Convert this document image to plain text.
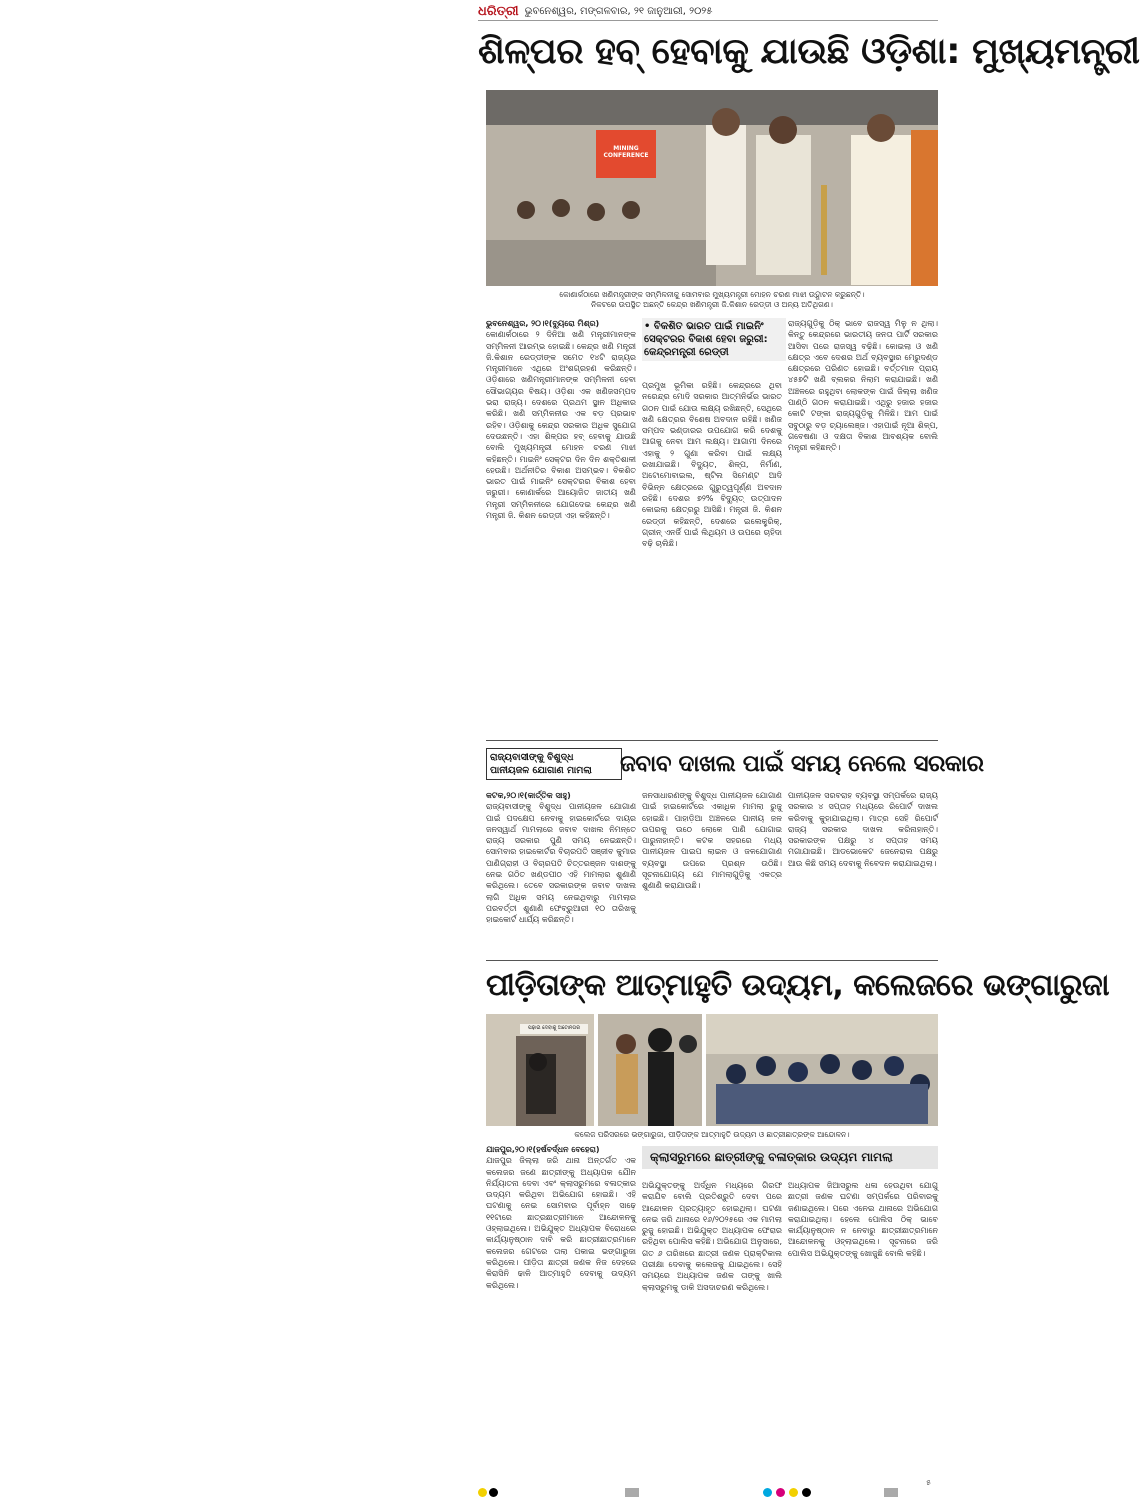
ଧରିତ୍ରୀ ଭୁବନେଶ୍ୱର, ମଙ୍ଗଳବାର, ୨୧ ଜାନୁଆରୀ, ୨୦୨୫
ଶିଳ୍ପର ହବ୍ ହେବାକୁ ଯାଉଛି ଓଡ଼ିଶା: ମୁଖ୍ୟମନ୍ତ୍ରୀ
MINING CONFERENCE
କୋଣାର୍କଠାରେ ଖଣିମନ୍ତ୍ରୀଙ୍କ ସମ୍ମିଳନୀକୁ ସୋମବାର ମୁଖ୍ୟମନ୍ତ୍ରୀ ମୋହନ ଚରଣ ମାଝୀ ଉଦ୍ଘାଟନ କରୁଛନ୍ତି।
ନିକଟରେ ଉପସ୍ଥିତ ଅଛନ୍ତି କେନ୍ଦ୍ର ଖଣିମନ୍ତ୍ରୀ ଜି.କିଶାନ ରେଡ୍ଡୀ ଓ ଅନ୍ୟ ଅତିଥିଗଣ।
ଭୁବନେଶ୍ୱର, ୨୦।୧(ବ୍ୟୁରୋ ମିଶ୍ର)
କୋଣାର୍କଠାରେ ୨ ଦିନିଆ ଖଣି ମନ୍ତ୍ରୀମାନଙ୍କ ସମ୍ମିଳନୀ ଆରମ୍ଭ ହୋଇଛି। କେନ୍ଦ୍ର ଖଣି ମନ୍ତ୍ରୀ ଜି.କିଶାନ ରେଡ୍ଡୀଙ୍କ ସମେତ ୧୪ଟି ରାଜ୍ୟର ମନ୍ତ୍ରୀମାନେ ଏଥିରେ ଅଂଶଗ୍ରହଣ କରିଛନ୍ତି। ଓଡ଼ିଶାରେ ଖଣିମନ୍ତ୍ରୀମାନଙ୍କ ସମ୍ମିଳନୀ ହେବା ସୌଭାଗ୍ୟର ବିଷୟ। ଓଡ଼ିଶା ଏକ ଖଣିଜସମ୍ପଦ ଭରା ରାଜ୍ୟ। ଦେଶରେ ପ୍ରଥମ ସ୍ଥାନ ଅଧିକାର କରିଛି। ଖଣି ସମ୍ମିଳନୀର ଏକ ବଡ଼ ପ୍ରଭାବ ରହିବ। ଓଡ଼ିଶାକୁ କେନ୍ଦ୍ର ସରକାର ଅଧିକ ସୁଯୋଗ ଦେଉଛନ୍ତି। ଏହା ଶିଳ୍ପର ହବ୍ ହେବାକୁ ଯାଉଛି ବୋଲି ମୁଖ୍ୟମନ୍ତ୍ରୀ ମୋହନ ଚରଣ ମାଝୀ କହିଛନ୍ତି। ମାଇନିଂ ସେକ୍ଟର ଦିନ ଦିନ ଶକ୍ତିଶାଳୀ ହେଉଛି। ଅର୍ଥନୀତିର ବିକାଶ ଅସମ୍ଭବ। ବିକଶିତ ଭାରତ ପାଇଁ ମାଇନିଂ ସେକ୍ଟରର ବିକାଶ ହେବା ଜରୁରୀ। କୋଣାର୍କରେ ଆୟୋଜିତ ଜାତୀୟ ଖଣି ମନ୍ତ୍ରୀ ସମ୍ମିଳନୀରେ ଯୋଗଦେଇ କେନ୍ଦ୍ର ଖଣି ମନ୍ତ୍ରୀ ଜି. କିଶନ ରେଡ୍ଡୀ ଏହା କହିଛନ୍ତି।
• ବିକଶିତ ଭାରତ ପାଇଁ ମାଇନିଂ ସେକ୍ଟରର ବିକାଶ ହେବା ଜରୁରୀ: କେନ୍ଦ୍ରମନ୍ତ୍ରୀ ରେଡ୍ଡୀ
ପ୍ରମୁଖ ଭୂମିକା ରହିଛି। କେନ୍ଦ୍ରରେ ଥିବା ନରେନ୍ଦ୍ର ମୋଦି ସରକାର ଆତ୍ମନିର୍ଭର ଭାରତ ଗଠନ ପାଇଁ ଯୋଉ ଲକ୍ଷ୍ୟ ରଖିଛନ୍ତି, ସେଥିରେ ଖଣି କ୍ଷେତ୍ରର ବିଶେଷ ଅବଦାନ ରହିଛି। ଖଣିଜ ସମ୍ପଦ ଭଣ୍ଡାରର ଉପଯୋଗ କରି ଦେଶକୁ ଆଗକୁ ନେବା ଆମ ଲକ୍ଷ୍ୟ। ଆଗାମୀ ଦିନରେ ଏହାକୁ ୨ ଗୁଣା କରିବା ପାଇଁ ଲକ୍ଷ୍ୟ ରଖାଯାଇଛି। ବିଦ୍ୟୁତ, ଶିଳ୍ପ, ନିର୍ମାଣ, ଅଟୋମୋବାଇଲ, ଷ୍ଟିଲ ସିମେଣ୍ଟ ଆଦି ବିଭିନ୍ନ କ୍ଷେତ୍ରରେ ଗୁରୁତ୍ୱପୂର୍ଣ୍ଣ ଅବଦାନ ରହିଛି। ଦେଶର ୭୨% ବିଦ୍ୟୁତ୍ ଉତ୍ପାଦନ କୋଇଲା କ୍ଷେତ୍ରରୁ ଆସିଛି। ମନ୍ତ୍ରୀ ଜି. କିଶନ ରେଡ୍ଡୀ କହିଛନ୍ତି, ଦେଶରେ ଇଲେକ୍ଟ୍ରିକ୍, ଗ୍ରୀନ୍ ଏନର୍ଜି ପାଇଁ ଲିଥିୟମ ଓ ଉପରେ ଚାହିଦା ବଢ଼ି ଚାଲିଛି।
ରାଜ୍ୟଗୁଡ଼ିକୁ ଠିକ୍ ଭାବେ ରାଜସ୍ୱ ମିଳୁ ନ ଥିଲା। କିନ୍ତୁ କେନ୍ଦ୍ରରେ ଭାରତୀୟ ଜନତା ପାର୍ଟି ସରକାର ଆସିବା ପରେ ରାଜସ୍ୱ ବଢ଼ିଛି। କୋଇଲା ଓ ଖଣି କ୍ଷେତ୍ର ଏବେ ଦେଶର ଅର୍ଥ ବ୍ୟବସ୍ଥାର ମେରୁଦଣ୍ଡ କ୍ଷେତ୍ରରେ ପରିଣତ ହୋଇଛି। ବର୍ତ୍ତମାନ ପ୍ରାୟ ୪୫୭ଟି ଖଣି ବ୍ଲକର ନିଲାମ କରାଯାଇଛି। ଖଣି ଅଞ୍ଚଳରେ ରହୁଥିବା ଲୋକଙ୍କ ପାଇଁ ଜିଲ୍ଲା ଖଣିଜ ପାଣ୍ଠି ଗଠନ କରାଯାଇଛି। ଏଥିରୁ ହଜାର ହଜାର କୋଟି ଟଙ୍କା ରାଜ୍ୟଗୁଡ଼ିକୁ ମିଳିଛି। ଆମ ପାଇଁ ସବୁଠାରୁ ବଡ଼ ଚ୍ୟାଲେଞ୍ଜ। ଏହାପାଇଁ ନୂଆ ଶିଳ୍ପ, ଗବେଷଣା ଓ ଦକ୍ଷତା ବିକାଶ ଆବଶ୍ୟକ ବୋଲି ମନ୍ତ୍ରୀ କହିଛନ୍ତି।
ରାଜ୍ୟବାସୀଙ୍କୁ ବିଶୁଦ୍ଧ
ପାନୀୟଜଳ ଯୋଗାଣ ମାମଲା	ଜବାବ ଦାଖଲ ପାଇଁ ସମୟ ନେଲେ ସରକାର
କଟକ,୨୦।୧(କାର୍ତ୍ତିକ ସାହୁ)
ରାଜ୍ୟବାସୀଙ୍କୁ ବିଶୁଦ୍ଧ ପାନୀୟଜଳ ଯୋଗାଣ ପାଇଁ ପଦକ୍ଷେପ ନେବାକୁ ହାଇକୋର୍ଟରେ ଦାୟର ଜନସ୍ୱାର୍ଥ ମାମଲାରେ ଜବାବ ଦାଖଲ ନିମନ୍ତେ ରାଜ୍ୟ ସରକାର ପୁଣି ସମୟ ନେଇଛନ୍ତି। ସୋମବାର ହାଇକୋର୍ଟର ବିଚାରପତି ସଞ୍ଜୀବ କୁମାର ପାଣିଗ୍ରାହୀ ଓ ବିଚାରପତି ଚିତ୍ତରଞ୍ଜନ ଦାଶଙ୍କୁ ନେଇ ଗଠିତ ଖଣ୍ଡପୀଠ ଏହି ମାମଲାର ଶୁଣାଣି କରିଥିଲେ। ତେବେ ସରକାରଙ୍କ ଜବାବ ଦାଖଲ ଲାଗି ଅଧିକ ସମୟ ନେଇଥିବାରୁ ମାମଲାର ପରବର୍ତ୍ତୀ ଶୁଣାଣି ଫେବ୍ରୁଆରୀ ୧୦ ତାରିଖକୁ ହାଇକୋର୍ଟ ଧାର୍ଯ୍ୟ କରିଛନ୍ତି।
ଜନସାଧାରଣଙ୍କୁ ବିଶୁଦ୍ଧ ପାନୀୟଜଳ ଯୋଗାଣ ପାଇଁ ହାଇକୋର୍ଟରେ ଏକାଧିକ ମାମଲା ରୁଜୁ ହୋଇଛି। ପାହାଡ଼ିଆ ଅଞ୍ଚଳରେ ପାନୀୟ ଜଳ ଉପରକୁ ଉଠେ ଲୋକେ ପାଣି ଯୋଗାଇ ପାରୁନାହାନ୍ତି। କଟକ ସହରରେ ମଧ୍ୟ ପାନୀୟଜଳ ପାଇପ ଲାଇନ ଓ ଜଳଯୋଗାଣ ବ୍ୟବସ୍ଥା ଉପରେ ପ୍ରଶ୍ନ ଉଠିଛି। ସୂଚନାଯୋଗ୍ୟ ଯେ ମାମଲାଗୁଡ଼ିକୁ ଏକତ୍ର ଶୁଣାଣି କରାଯାଉଛି।
ପାନୀୟଜଳ ସରବରାହ ବ୍ୟବସ୍ଥା ସମ୍ପର୍କରେ ରାଜ୍ୟ ସରକାର ୪ ସପ୍ତାହ ମଧ୍ୟରେ ରିପୋର୍ଟ ଦାଖଲ କରିବାକୁ କୁହାଯାଇଥିଲା। ମାତ୍ର ସେହି ରିପୋର୍ଟ ରାଜ୍ୟ ସରକାର ଦାଖଲ କରିନାହାନ୍ତି। ସରକାରଙ୍କ ପକ୍ଷରୁ ୪ ସପ୍ତାହ ସମୟ ମଗାଯାଇଛି। ଆଡଭୋକେଟ ଜେନେରାଲ ପକ୍ଷରୁ ଆଉ କିଛି ସମୟ ଦେବାକୁ ନିବେଦନ କରାଯାଇଥିଲା।
ପୀଡ଼ିତାଙ୍କ ଆତ୍ମାହୁତି ଉଦ୍ୟମ, କଲେଜରେ ଭଙ୍ଗାରୁଜା
ପଢ଼ାଇ ଦେବାକୁ ଅଟୋନଗର
କଲେଜ ପରିସରରେ ଭଙ୍ଗାରୁଜା, ପୀଡ଼ିତାଙ୍କ ଆତ୍ମାହୁତି ଉଦ୍ୟମ ଓ ଛାତ୍ରୀଛାତ୍ରଙ୍କ ଆନ୍ଦୋଳନ।
ଯାଜପୁର,୨୦।୧(ହର୍ଷବର୍ଦ୍ଧନ ବେହେରା)
ଯାଜପୁର ଜିଲ୍ଲା ଜରି ଥାନା ଅନ୍ତର୍ଗତ ଏକ କଲେଜର ଜଣେ ଛାତ୍ରୀଙ୍କୁ ଅଧ୍ୟାପକ ଯୌନ ନିର୍ଯ୍ୟାତନା ଦେବା ଏବଂ କ୍ଲାସରୁମରେ ବଳାତ୍କାର ଉଦ୍ୟମ କରିଥିବା ଅଭିଯୋଗ ହୋଇଛି। ଏହି ଘଟଣାକୁ ନେଇ ସୋମବାର ପୂର୍ବାହ୍ନ ସାଢ଼େ ୧୧ଟାରେ ଛାତ୍ରଛାତ୍ରୀମାନେ ଆନ୍ଦୋଳନକୁ ଓହ୍ଲାଇଥିଲେ। ଅଭିଯୁକ୍ତ ଅଧ୍ୟାପକ ବିରୋଧରେ କାର୍ଯ୍ୟାନୁଷ୍ଠାନ ଦାବି କରି ଛାତ୍ରୀଛାତ୍ରମାନେ କଲେଜର ଗେଟରେ ତାଲା ପକାଇ ଭଙ୍ଗାରୁଜା କରିଥିଲେ। ପୀଡ଼ିତା ଛାତ୍ରୀ ଜଣକ ନିଜ ଦେହରେ କିରାସିନି ଢାଳି ଆତ୍ମାହୁତି ଦେବାକୁ ଉଦ୍ୟମ କରିଥିଲେ।
କ୍ଲାସରୁମରେ ଛାତ୍ରୀଙ୍କୁ ବଳାତ୍କାର ଉଦ୍ୟମ ମାମଲା
ଅଭିଯୁକ୍ତଙ୍କୁ ଅର୍ଦ୍ଧିନ ମଧ୍ୟରେ ଗିରଫ କରାଯିବ ବୋଲି ପ୍ରତିଶ୍ରୁତି ଦେବା ପରେ ଆନ୍ଦୋଳନ ପ୍ରତ୍ୟାହୃତ ହୋଇଥିଲା। ଘଟଣା ନେଇ ଜରି ଥାନାରେ ୧୬/୨୦୨୫ରେ ଏକ ମାମଲା ରୁଜୁ ହୋଇଛି। ଅଭିଯୁକ୍ତ ଅଧ୍ୟାପକ ଫେରାର ରହିଥିବା ପୋଲିସ କହିଛି। ଅଭିଯୋଗ ଅନୁସାରେ, ଗତ ୬ ତାରିଖରେ ଛାତ୍ରୀ ଜଣକ ପ୍ରାକ୍ଟିକାଲ ପରୀକ୍ଷା ଦେବାକୁ କଲେଜକୁ ଯାଇଥିଲେ। ସେହି ସମୟରେ ଅଧ୍ୟାପକ ଜଣକ ତାଙ୍କୁ ଖାଲି କ୍ଲାସରୁମକୁ ଡାକି ଅସଦାଚରଣ କରିଥିଲେ।
ଅଧ୍ୟାପକ ଜିଆସରୁଲ ଧଳା ହେଉଥିବା ଯୋଗୁ ଛାତ୍ରୀ ଜଣକ ଘଟଣା ସମ୍ପର୍କରେ ପରିବାରକୁ ଜଣାଇଥିଲେ। ପରେ ଏନେଇ ଥାନାରେ ଅଭିଯୋଗ କରାଯାଇଥିଲା। ହେଲେ ପୋଲିସ ଠିକ୍ ଭାବେ କାର୍ଯ୍ୟାନୁଷ୍ଠାନ ନ ନେବାରୁ ଛାତ୍ରୀଛାତ୍ରମାନେ ଆନ୍ଦୋଳନକୁ ଓହ୍ଲାଇଥିଲେ। ସୂଚନାରେ ଜରି ପୋଲିସ ଅଭିଯୁକ୍ତଙ୍କୁ ଖୋଜୁଛି ବୋଲି କହିଛି।
୫
